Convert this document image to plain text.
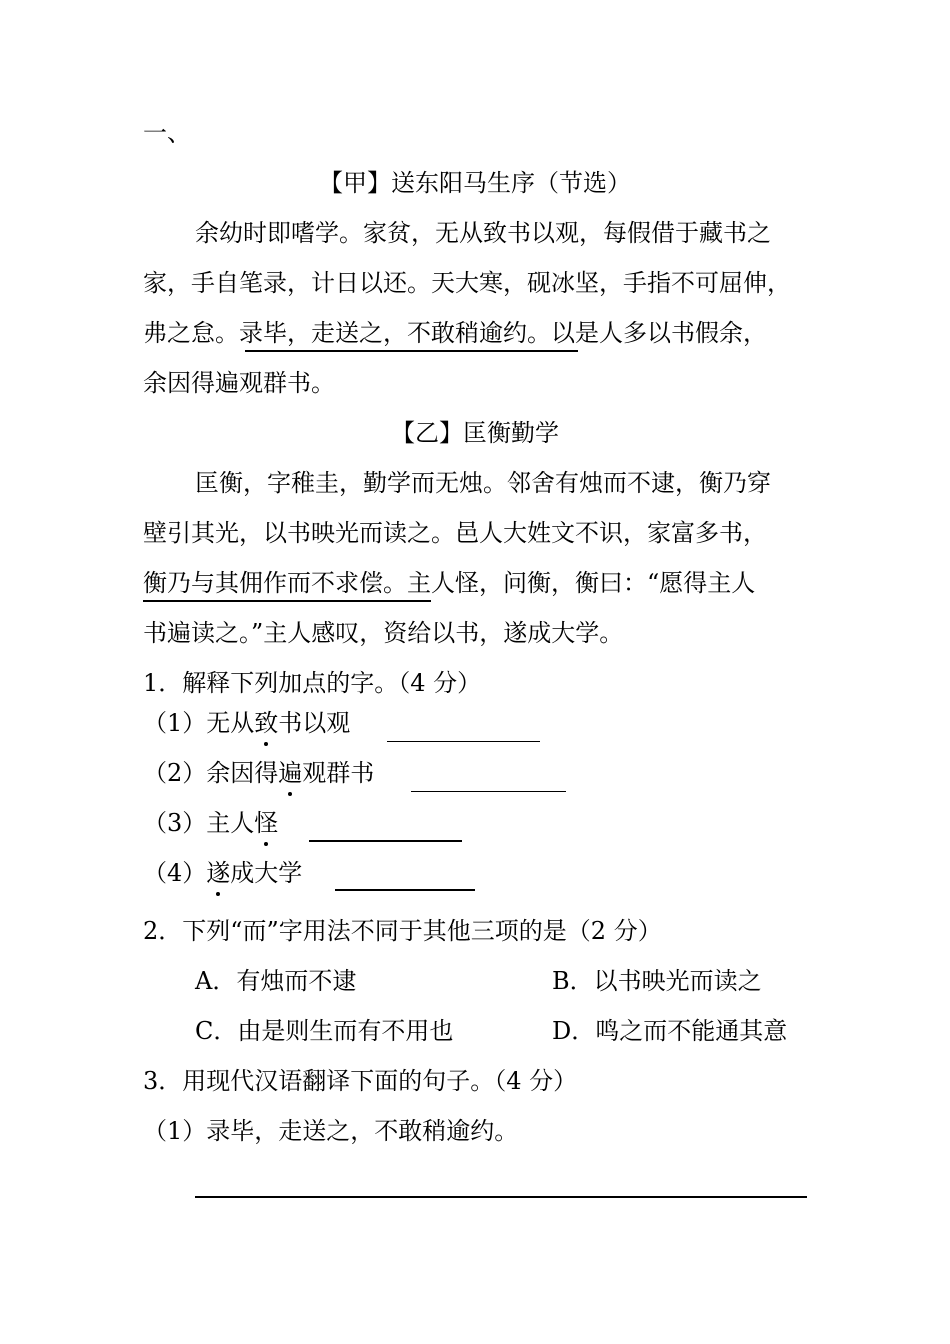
一、
【甲】送东阳马生序（节选）
余幼时即嗜学。家贫，无从致书以观，每假借于藏书之
家，手自笔录，计日以还。天大寒，砚冰坚，手指不可屈伸，
弗之怠。录毕，走送之，不敢稍逾约。以是人多以书假余，
余因得遍观群书。
【乙】匡衡勤学
匡衡，字稚圭，勤学而无烛。邻舍有烛而不逮，衡乃穿
壁引其光，以书映光而读之。邑人大姓文不识，家富多书，
衡乃与其佣作而不求偿。主人怪，问衡，衡曰：“愿得主人
书遍读之。”主人感叹，资给以书，遂成大学。
1．解释下列加点的字。（4 分）
（1）无从致书以观
（2）余因得遍观群书
（3）主人怪
（4）遂成大学
2．下列“而”字用法不同于其他三项的是（2 分）
A．有烛而不逮	B．以书映光而读之
C．由是则生而有不用也	D．鸣之而不能通其意
3．用现代汉语翻译下面的句子。（4 分）
（1）录毕，走送之，不敢稍逾约。
